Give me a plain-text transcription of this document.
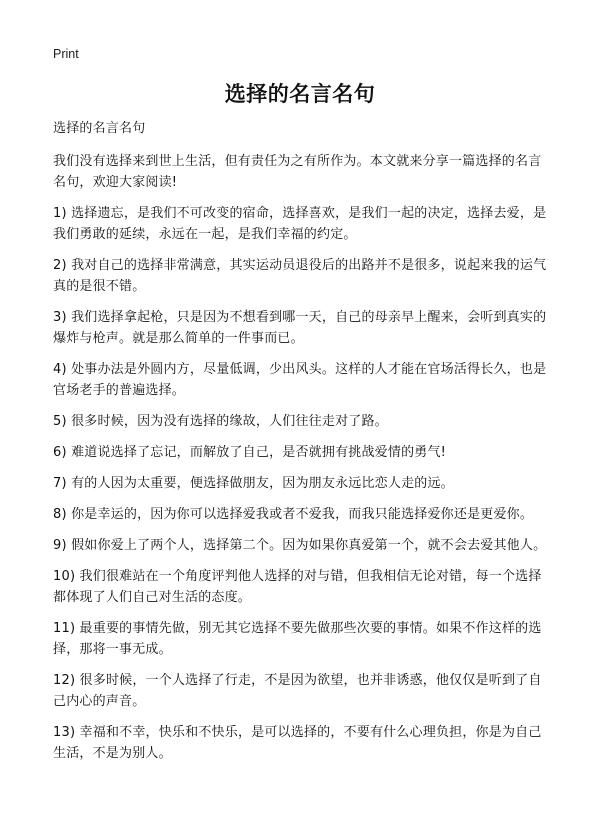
Print
选择的名言名句

选择的名言名句

我们没有选择来到世上生活，但有责任为之有所作为。本文就来分享一篇选择的名言名句，欢迎大家阅读!

1) 选择遗忘，是我们不可改变的宿命，选择喜欢，是我们一起的决定，选择去爱，是我们勇敢的延续，永远在一起，是我们幸福的约定。

2) 我对自己的选择非常满意，其实运动员退役后的出路并不是很多，说起来我的运气真的是很不错。

3) 我们选择拿起枪，只是因为不想看到哪一天，自己的母亲早上醒来，会听到真实的爆炸与枪声。就是那么简单的一件事而已。

4) 处事办法是外圆内方，尽量低调，少出风头。这样的人才能在官场活得长久，也是官场老手的普遍选择。

5) 很多时候，因为没有选择的缘故，人们往往走对了路。

6) 难道说选择了忘记，而解放了自己，是否就拥有挑战爱情的勇气!

7) 有的人因为太重要，便选择做朋友，因为朋友永远比恋人走的远。

8) 你是幸运的，因为你可以选择爱我或者不爱我，而我只能选择爱你还是更爱你。

9) 假如你爱上了两个人，选择第二个。因为如果你真爱第一个，就不会去爱其他人。

10) 我们很难站在一个角度评判他人选择的对与错，但我相信无论对错，每一个选择都体现了人们自己对生活的态度。

11) 最重要的事情先做，别无其它选择不要先做那些次要的事情。如果不作这样的选择，那将一事无成。

12) 很多时候，一个人选择了行走，不是因为欲望，也并非诱惑，他仅仅是听到了自己内心的声音。

13) 幸福和不幸，快乐和不快乐，是可以选择的，不要有什么心理负担，你是为自己生活，不是为别人。
